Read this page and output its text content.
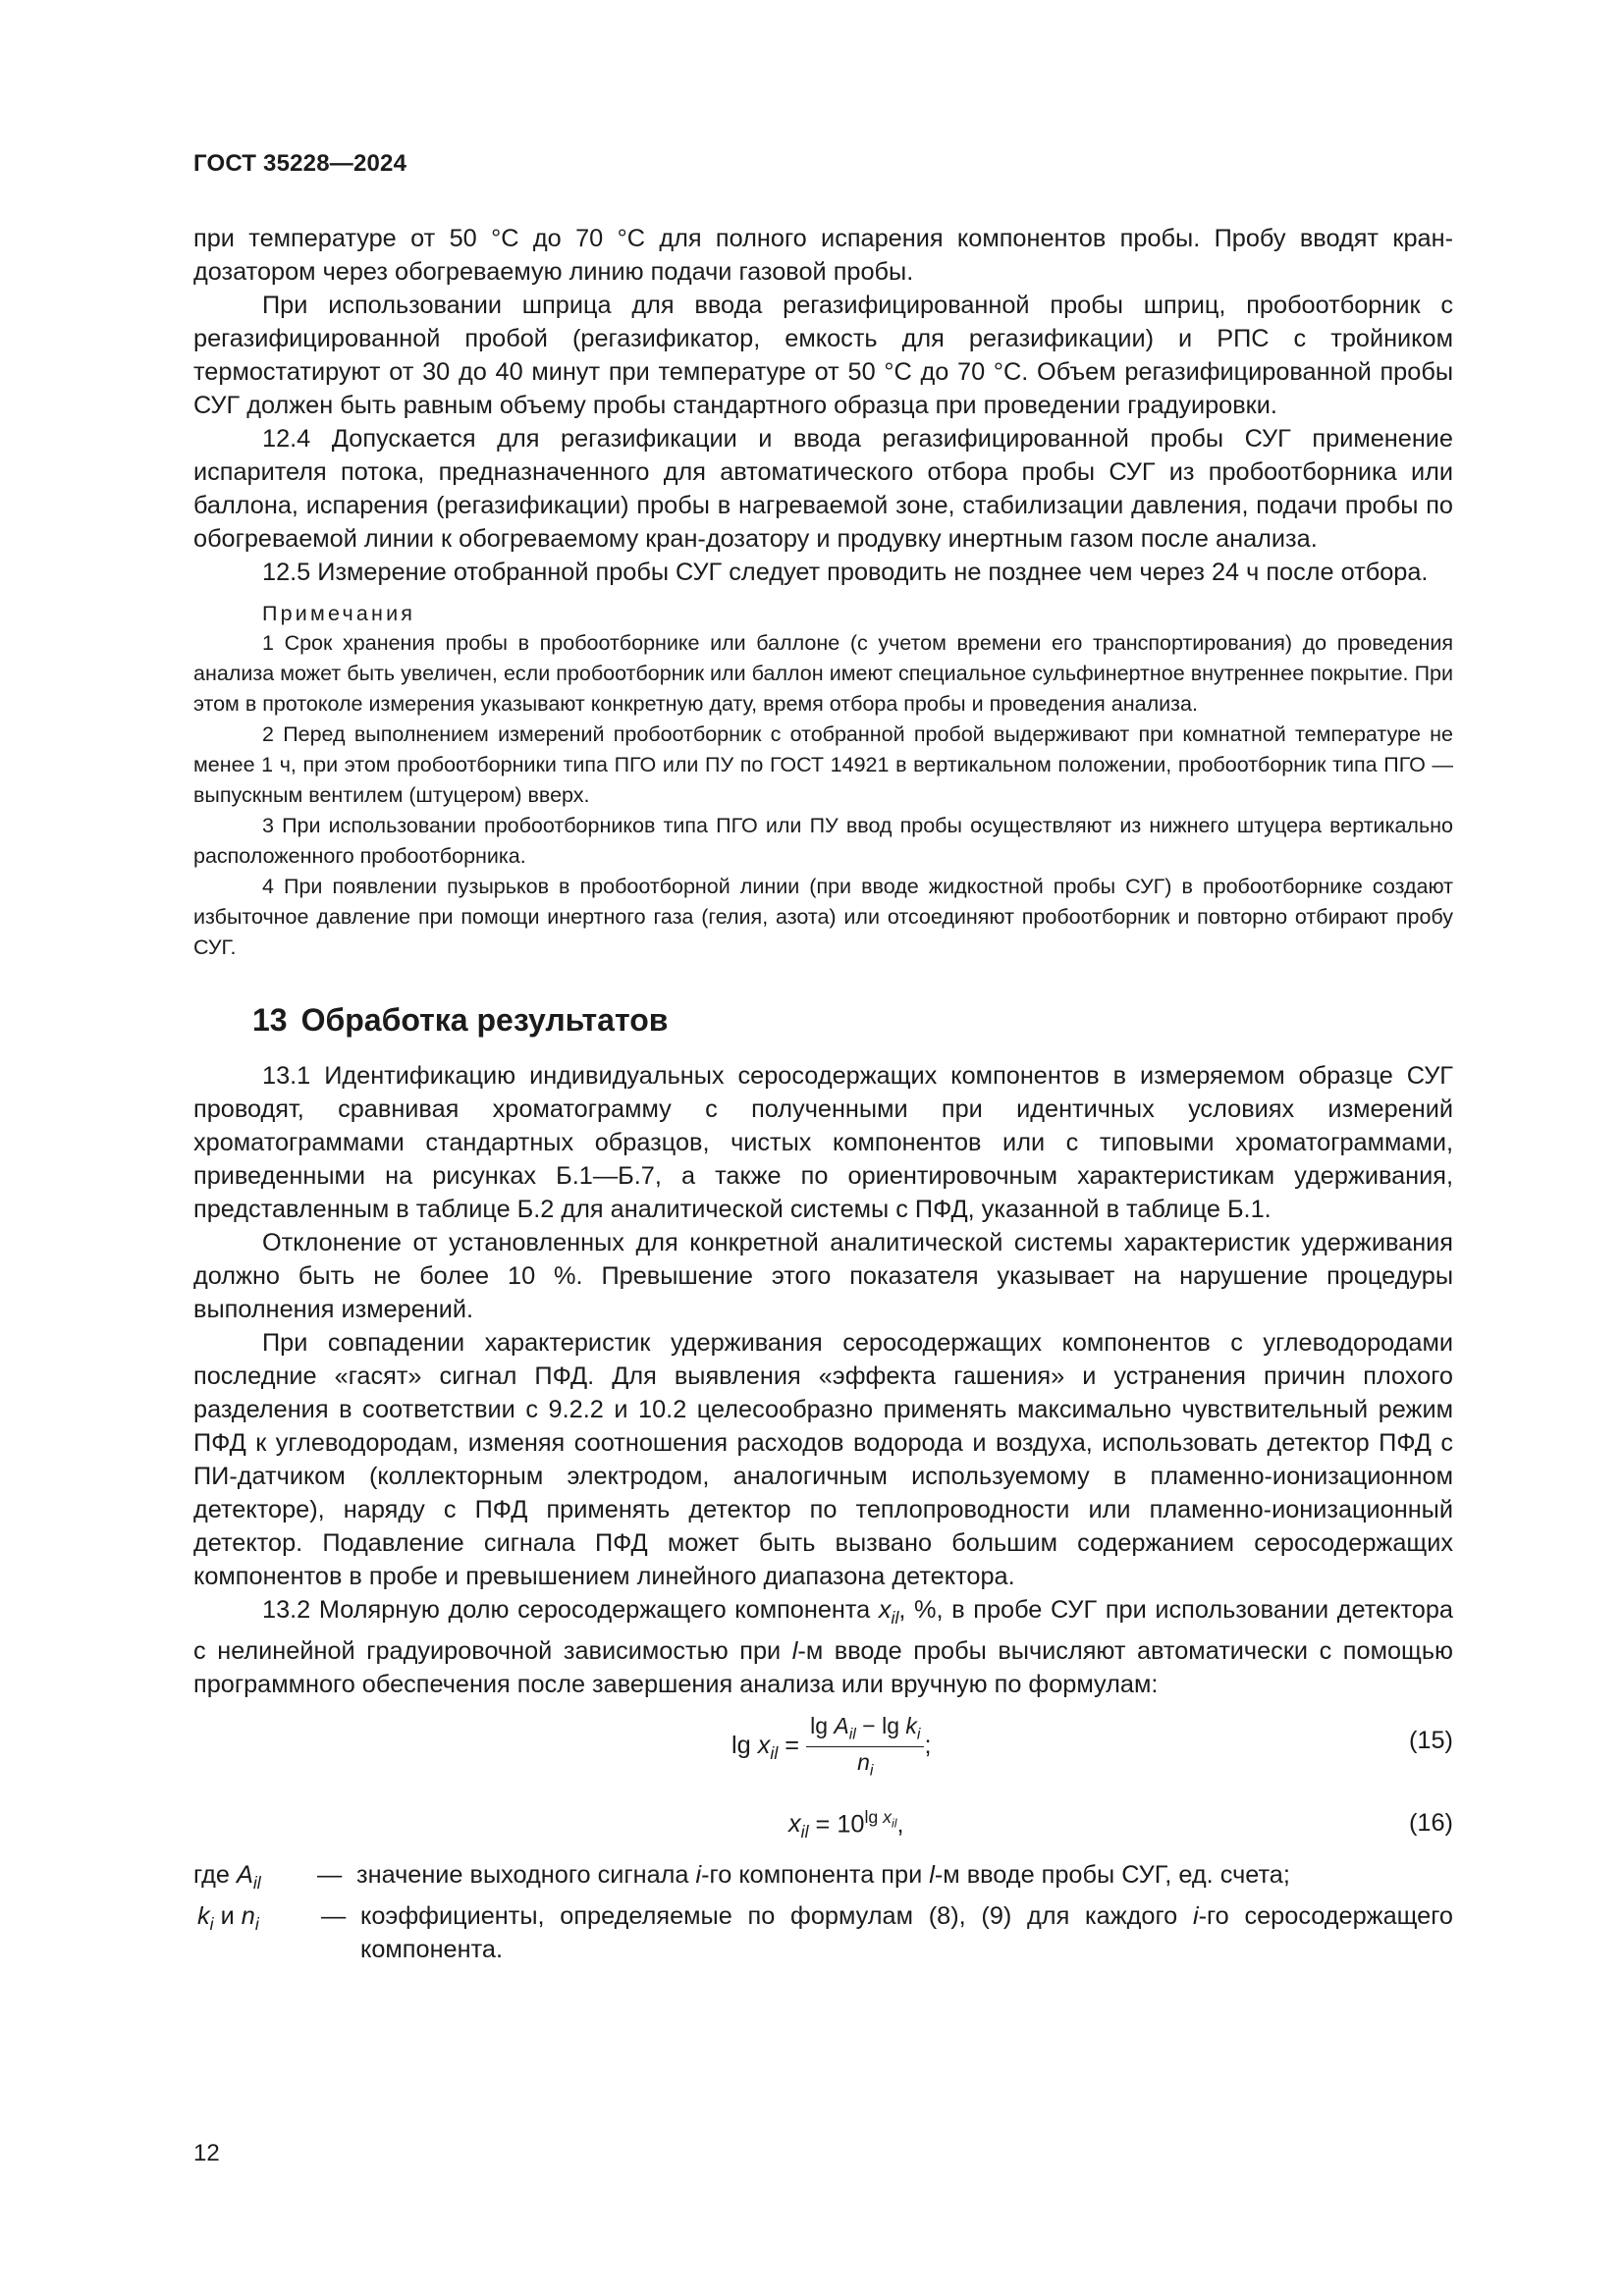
ГОСТ 35228—2024

при температуре от 50 °С до 70 °С для полного испарения компонентов пробы. Пробу вводят кран-дозатором через обогреваемую линию подачи газовой пробы.

При использовании шприца для ввода регазифицированной пробы шприц, пробоотборник с регазифицированной пробой (регазификатор, емкость для регазификации) и РПС с тройником термостатируют от 30 до 40 минут при температуре от 50 °С до 70 °С. Объем регазифицированной пробы СУГ должен быть равным объему пробы стандартного образца при проведении градуировки.

12.4 Допускается для регазификации и ввода регазифицированной пробы СУГ применение испарителя потока, предназначенного для автоматического отбора пробы СУГ из пробоотборника или баллона, испарения (регазификации) пробы в нагреваемой зоне, стабилизации давления, подачи пробы по обогреваемой линии к обогреваемому кран-дозатору и продувку инертным газом после анализа.

12.5 Измерение отобранной пробы СУГ следует проводить не позднее чем через 24 ч после отбора.

Примечания

1 Срок хранения пробы в пробоотборнике или баллоне (с учетом времени его транспортирования) до проведения анализа может быть увеличен, если пробоотборник или баллон имеют специальное сульфинертное внутреннее покрытие. При этом в протоколе измерения указывают конкретную дату, время отбора пробы и проведения анализа.

2 Перед выполнением измерений пробоотборник с отобранной пробой выдерживают при комнатной температуре не менее 1 ч, при этом пробоотборники типа ПГО или ПУ по ГОСТ 14921 в вертикальном положении, пробоотборник типа ПГО — выпускным вентилем (штуцером) вверх.

3 При использовании пробоотборников типа ПГО или ПУ ввод пробы осуществляют из нижнего штуцера вертикально расположенного пробоотборника.

4 При появлении пузырьков в пробоотборной линии (при вводе жидкостной пробы СУГ) в пробоотборнике создают избыточное давление при помощи инертного газа (гелия, азота) или отсоединяют пробоотборник и повторно отбирают пробу СУГ.

13 Обработка результатов

13.1 Идентификацию индивидуальных серосодержащих компонентов в измеряемом образце СУГ проводят, сравнивая хроматограмму с полученными при идентичных условиях измерений хроматограммами стандартных образцов, чистых компонентов или с типовыми хроматограммами, приведенными на рисунках Б.1—Б.7, а также по ориентировочным характеристикам удерживания, представленным в таблице Б.2 для аналитической системы с ПФД, указанной в таблице Б.1.

Отклонение от установленных для конкретной аналитической системы характеристик удерживания должно быть не более 10 %. Превышение этого показателя указывает на нарушение процедуры выполнения измерений.

При совпадении характеристик удерживания серосодержащих компонентов с углеводородами последние «гасят» сигнал ПФД. Для выявления «эффекта гашения» и устранения причин плохого разделения в соответствии с 9.2.2 и 10.2 целесообразно применять максимально чувствительный режим ПФД к углеводородам, изменяя соотношения расходов водорода и воздуха, использовать детектор ПФД с ПИ-датчиком (коллекторным электродом, аналогичным используемому в пламенно-ионизационном детекторе), наряду с ПФД применять детектор по теплопроводности или пламенно-ионизационный детектор. Подавление сигнала ПФД может быть вызвано большим содержанием серосодержащих компонентов в пробе и превышением линейного диапазона детектора.

13.2 Молярную долю серосодержащего компонента $x_{il}$, %, в пробе СУГ при использовании детектора с нелинейной градуировочной зависимостью при l-м вводе пробы вычисляют автоматически с помощью программного обеспечения после завершения анализа или вручную по формулам:

$\lg x_{il} = \frac{\lg A_{il} - \lg k_i}{n_i}$ ;	(15)
$x_{il} = 10^{lg x_{il}}$,	(16)
где $A_{il}$	— значение выходного сигнала i-го компонента при l-м вводе пробы СУГ, ед. счета;
$k_i$ и $n_i$	— коэффициенты, определяемые по формулам (8), (9) для каждого i-го серосодержащего компонента.
12
